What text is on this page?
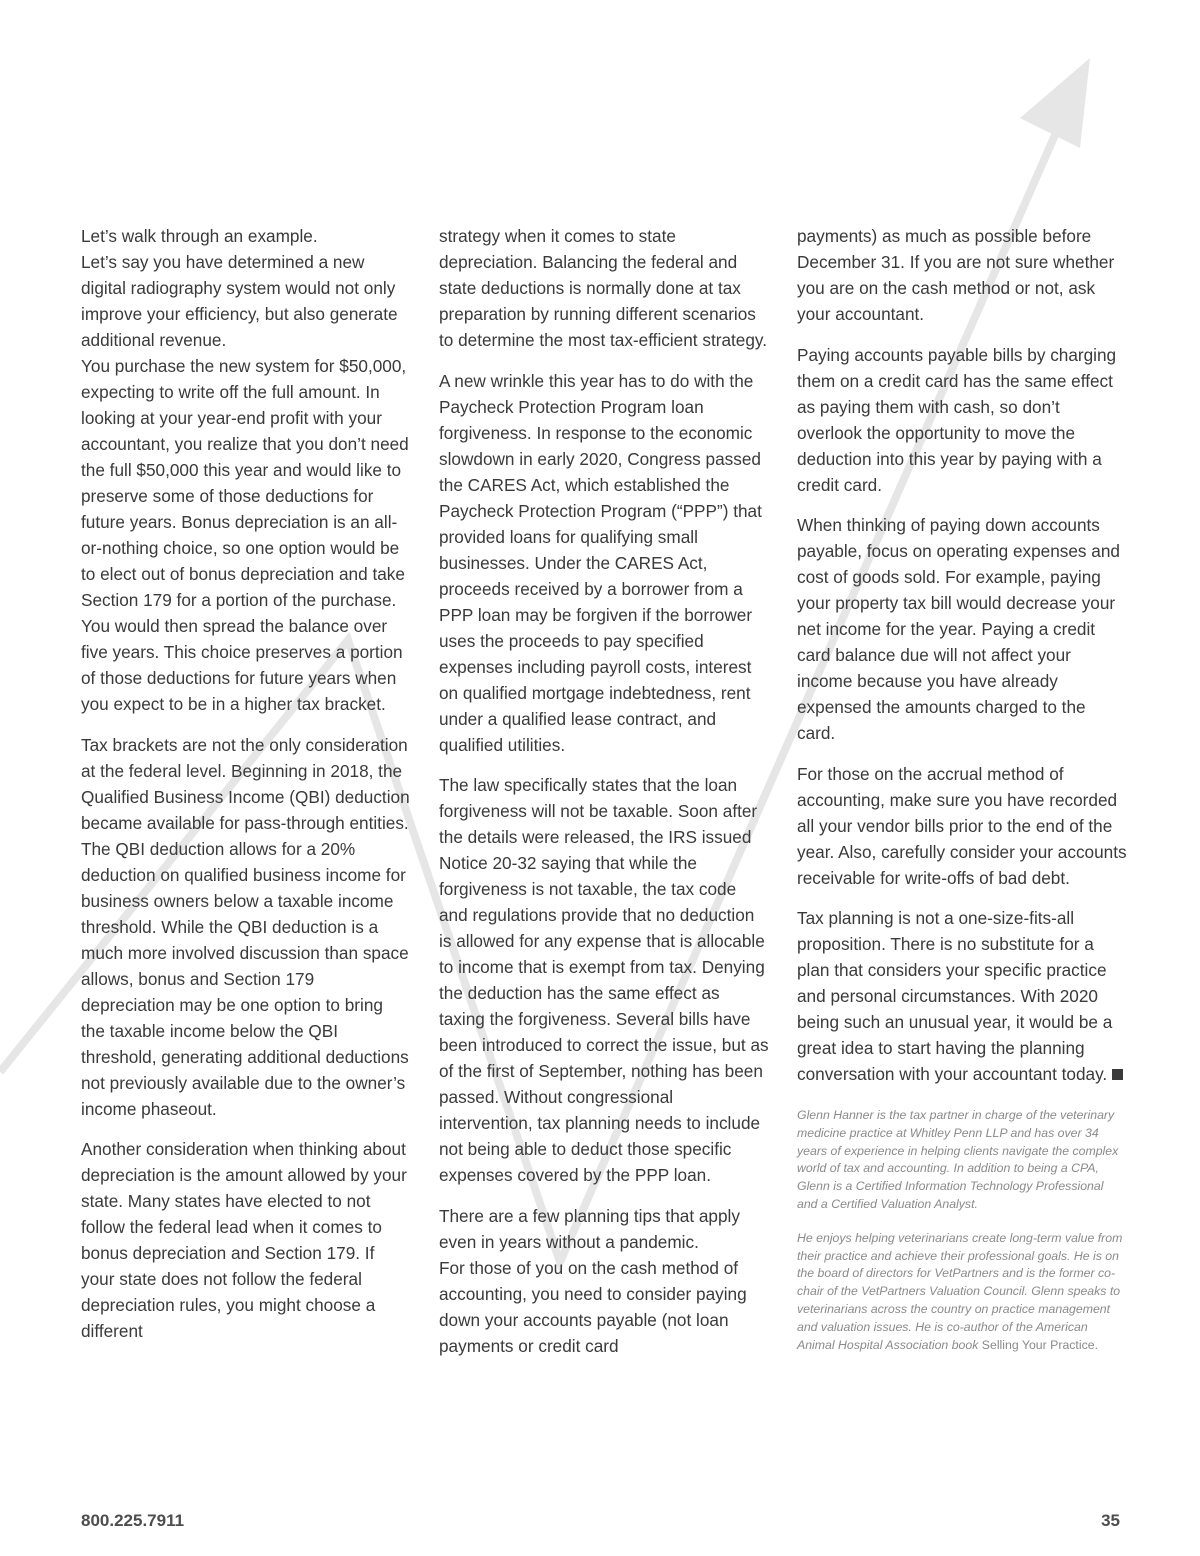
Let’s walk through an example.
Let’s say you have determined a new digital radiography system would not only improve your efficiency, but also generate additional revenue.
You purchase the new system for $50,000, expecting to write off the full amount. In looking at your year-end profit with your accountant, you realize that you don’t need the full $50,000 this year and would like to preserve some of those deductions for future years. Bonus depreciation is an all-or-nothing choice, so one option would be to elect out of bonus depreciation and take Section 179 for a portion of the purchase. You would then spread the balance over five years. This choice preserves a portion of those deductions for future years when you expect to be in a higher tax bracket.

Tax brackets are not the only consideration at the federal level. Beginning in 2018, the Qualified Business Income (QBI) deduction became available for pass-through entities. The QBI deduction allows for a 20% deduction on qualified business income for business owners below a taxable income threshold. While the QBI deduction is a much more involved discussion than space allows, bonus and Section 179 depreciation may be one option to bring the taxable income below the QBI threshold, generating additional deductions not previously available due to the owner’s income phaseout.

Another consideration when thinking about depreciation is the amount allowed by your state. Many states have elected to not follow the federal lead when it comes to bonus depreciation and Section 179. If your state does not follow the federal depreciation rules, you might choose a different

strategy when it comes to state depreciation. Balancing the federal and state deductions is normally done at tax preparation by running different scenarios to determine the most tax-efficient strategy.

A new wrinkle this year has to do with the Paycheck Protection Program loan forgiveness. In response to the economic slowdown in early 2020, Congress passed the CARES Act, which established the Paycheck Protection Program (“PPP”) that provided loans for qualifying small businesses. Under the CARES Act, proceeds received by a borrower from a PPP loan may be forgiven if the borrower uses the proceeds to pay specified expenses including payroll costs, interest on qualified mortgage indebtedness, rent under a qualified lease contract, and qualified utilities.

The law specifically states that the loan forgiveness will not be taxable. Soon after the details were released, the IRS issued Notice 20-32 saying that while the forgiveness is not taxable, the tax code and regulations provide that no deduction is allowed for any expense that is allocable to income that is exempt from tax. Denying the deduction has the same effect as taxing the forgiveness. Several bills have been introduced to correct the issue, but as of the first of September, nothing has been passed. Without congressional intervention, tax planning needs to include not being able to deduct those specific expenses covered by the PPP loan.

There are a few planning tips that apply even in years without a pandemic.
For those of you on the cash method of accounting, you need to consider paying down your accounts payable (not loan payments or credit card

payments) as much as possible before December 31. If you are not sure whether you are on the cash method or not, ask your accountant.

Paying accounts payable bills by charging them on a credit card has the same effect as paying them with cash, so don’t overlook the opportunity to move the deduction into this year by paying with a credit card.

When thinking of paying down accounts payable, focus on operating expenses and cost of goods sold. For example, paying your property tax bill would decrease your net income for the year. Paying a credit card balance due will not affect your income because you have already expensed the amounts charged to the card.

For those on the accrual method of accounting, make sure you have recorded all your vendor bills prior to the end of the year. Also, carefully consider your accounts receivable for write-offs of bad debt.

Tax planning is not a one-size-fits-all proposition. There is no substitute for a plan that considers your specific practice and personal circumstances. With 2020 being such an unusual year, it would be a great idea to start having the planning conversation with your accountant today.

Glenn Hanner is the tax partner in charge of the veterinary medicine practice at Whitley Penn LLP and has over 34 years of experience in helping clients navigate the complex world of tax and accounting. In addition to being a CPA, Glenn is a Certified Information Technology Professional and a Certified Valuation Analyst.

He enjoys helping veterinarians create long-term value from their practice and achieve their professional goals. He is on the board of directors for VetPartners and is the former co-chair of the VetPartners Valuation Council. Glenn speaks to veterinarians across the country on practice management and valuation issues. He is co-author of the American Animal Hospital Association book Selling Your Practice.

800.225.7911	35
